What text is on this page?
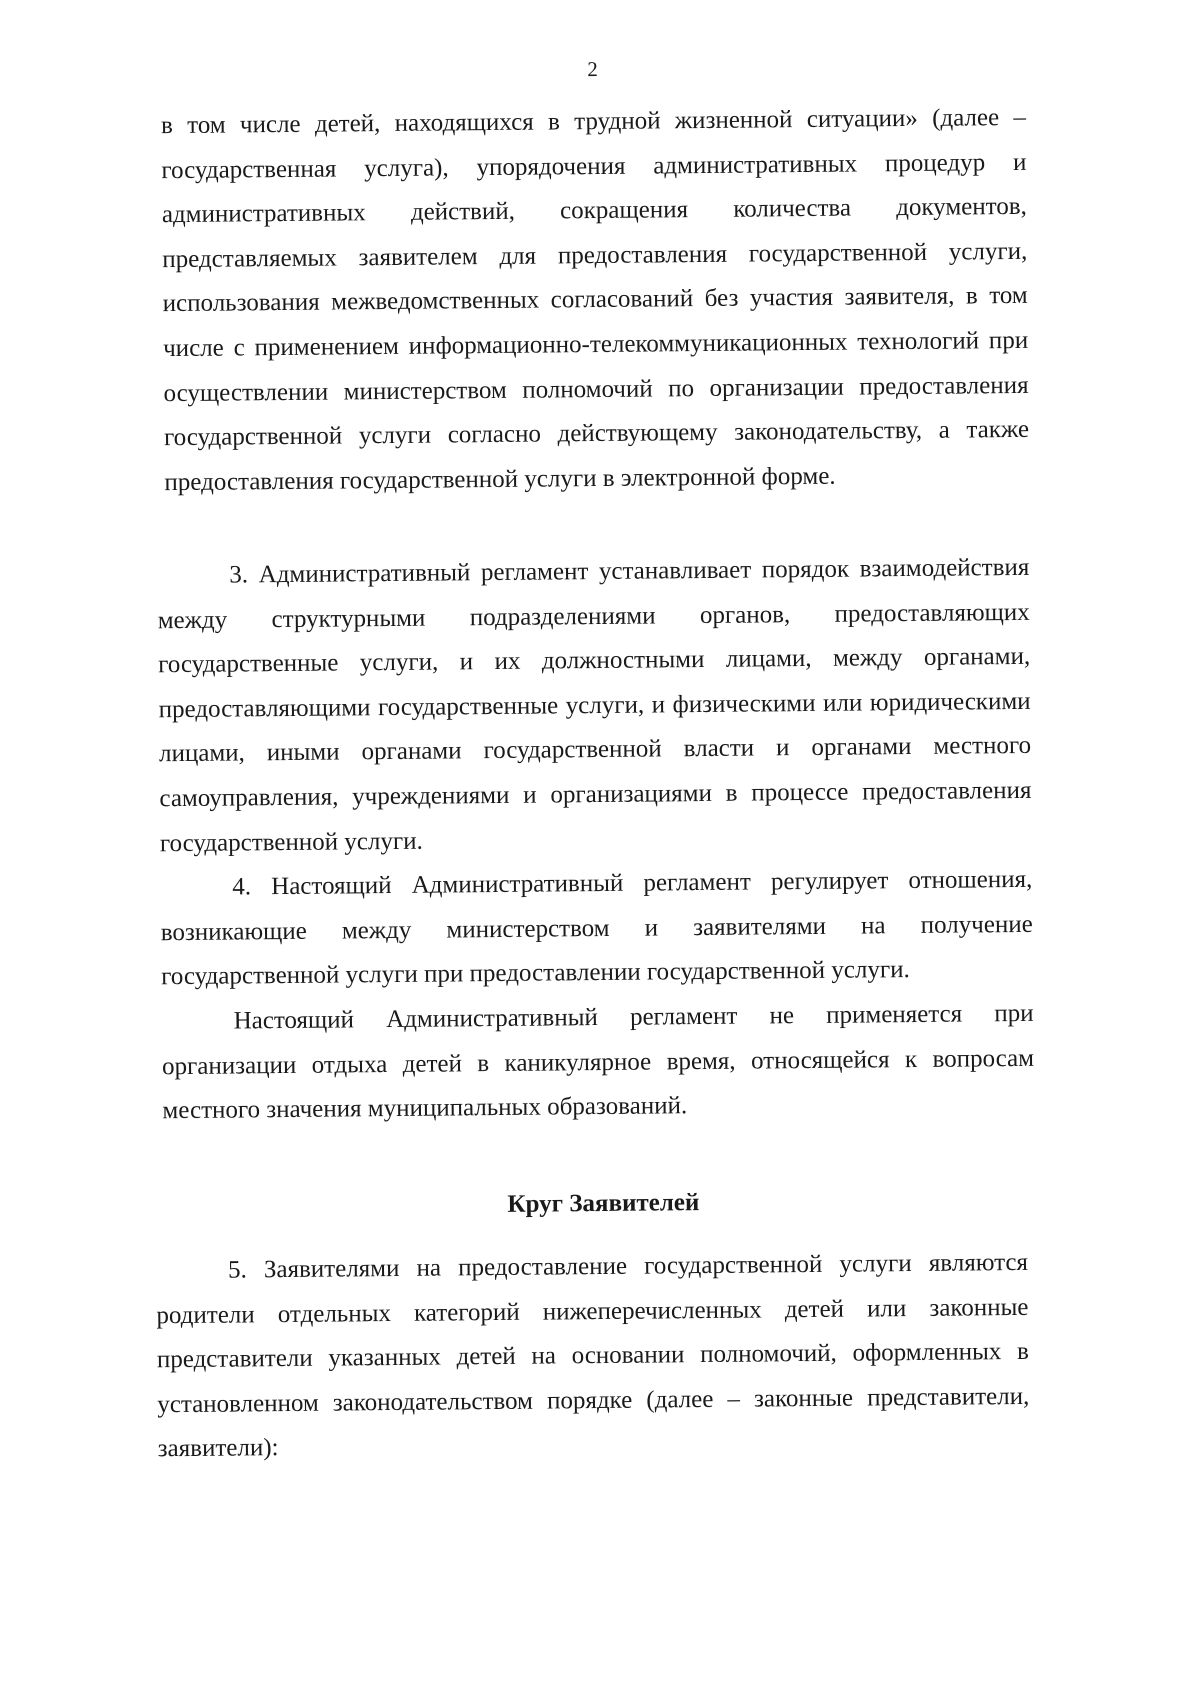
2

в том числе детей, находящихся в трудной жизненной ситуации» (далее – государственная услуга), упорядочения административных процедур и административных действий, сокращения количества документов, представляемых заявителем для предоставления государственной услуги, использования межведомственных согласований без участия заявителя, в том числе с применением информационно-телекоммуникационных технологий при осуществлении министерством полномочий по организации предоставления государственной услуги согласно действующему законодательству, а также предоставления государственной услуги в электронной форме.

3. Административный регламент устанавливает порядок взаимодействия между структурными подразделениями органов, предоставляющих государственные услуги, и их должностными лицами, между органами, предоставляющими государственные услуги, и физическими или юридическими лицами, иными органами государственной власти и органами местного самоуправления, учреждениями и организациями в процессе предоставления государственной услуги.

4. Настоящий Административный регламент регулирует отношения, возникающие между министерством и заявителями на получение государственной услуги при предоставлении государственной услуги.

Настоящий Административный регламент не применяется при организации отдыха детей в каникулярное время, относящейся к вопросам местного значения муниципальных образований.

Круг Заявителей

5. Заявителями на предоставление государственной услуги являются родители отдельных категорий нижеперечисленных детей или законные представители указанных детей на основании полномочий, оформленных в установленном законодательством порядке (далее – законные представители, заявители):
